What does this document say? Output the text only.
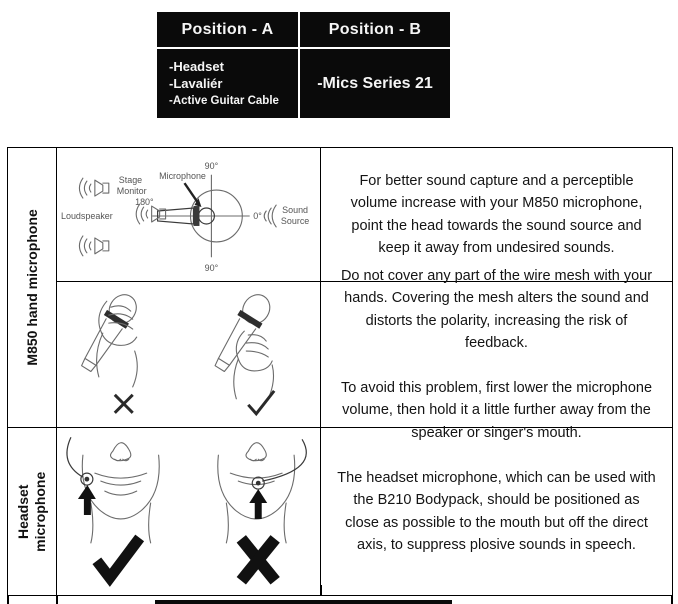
Position - A	Position - B
-Headset
-Lavaliér
-Active Guitar Cable
-Mics Series 21
M850 hand microphone
Microphone
90°
90°
180°
0°
Stage
Monitor
Loudspeaker
Sound
Source

For better sound capture and a perceptible volume increase with your M850 microphone, point the head towards the sound source and keep it away from undesired sounds.

Do not cover any part of the wire mesh with your hands. Covering the mesh alters the sound and distorts the polarity, increasing the risk of feedback.

To avoid this problem, first lower the microphone volume, then hold it a little further away from the speaker or singer's mouth.

Headset
microphone	The headset microphone, which can be used with the B210 Bodypack, should be positioned as close as possible to the mouth but off the direct axis, to suppress plosive sounds in speech.
